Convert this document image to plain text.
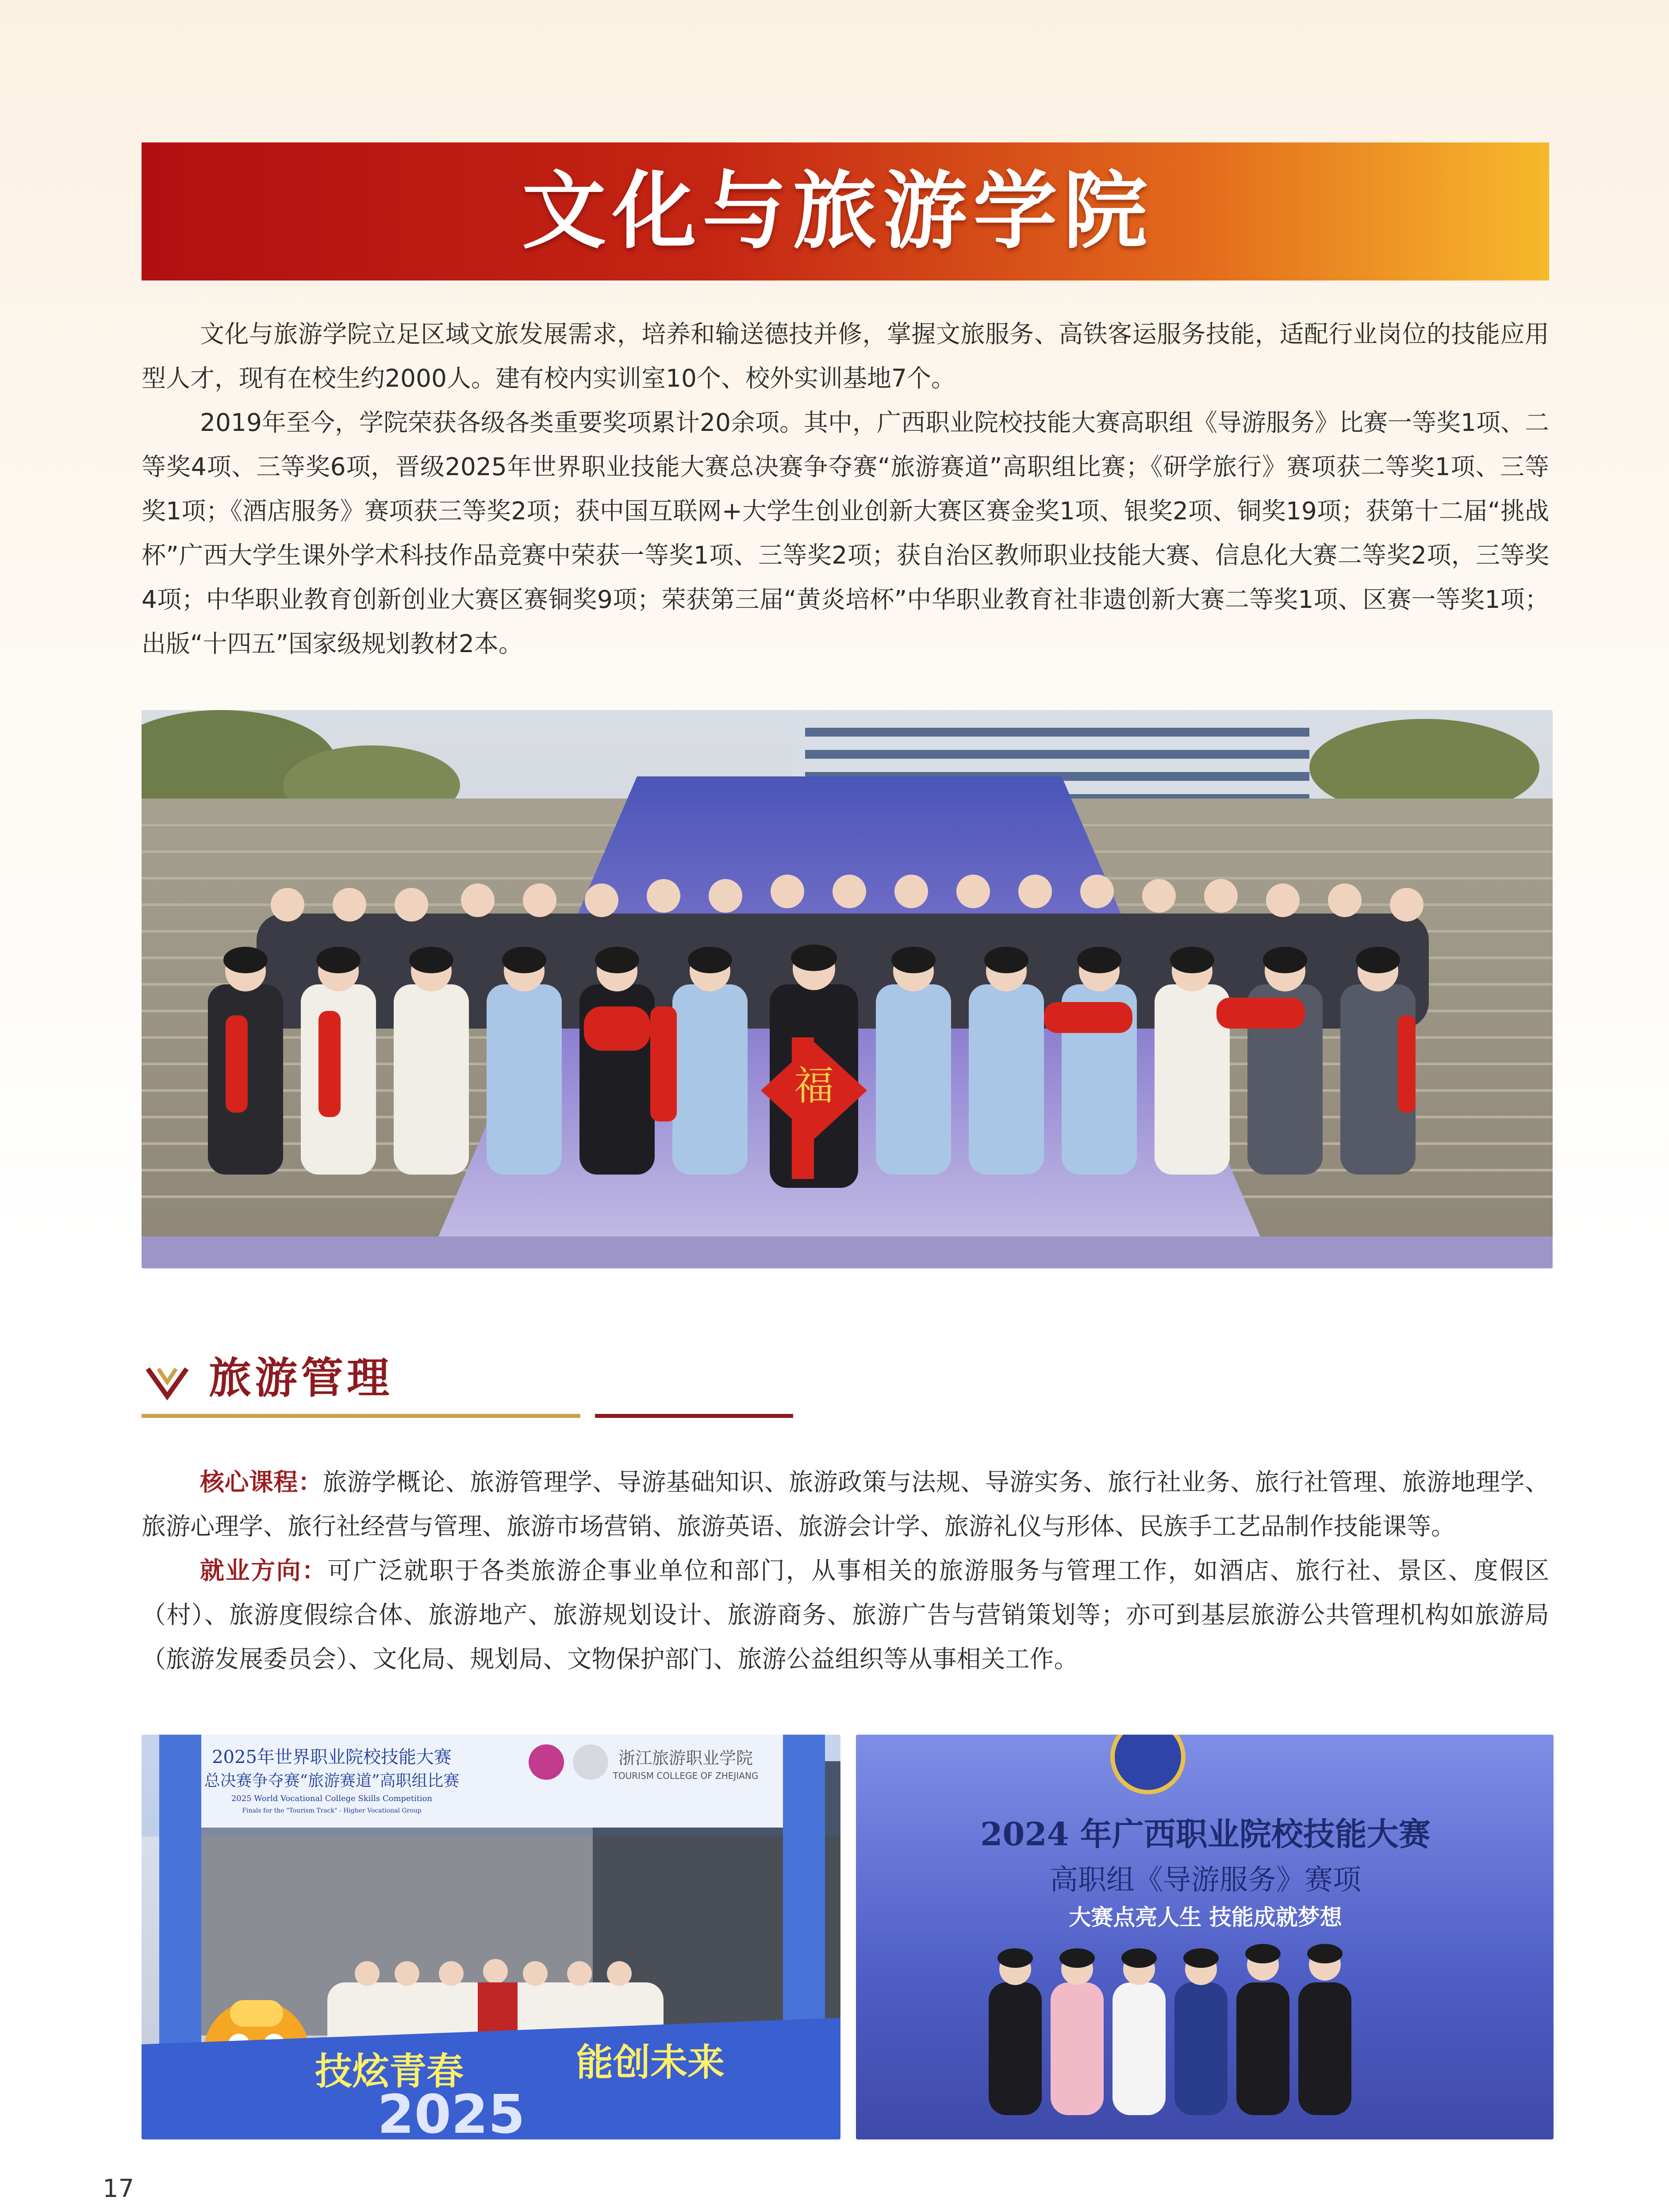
文化与旅游学院

文化与旅游学院立足区域文旅发展需求，培养和输送德技并修，掌握文旅服务、高铁客运服务技能，适配行业岗位的技能应用型人才，现有在校生约2000人。建有校内实训室10个、校外实训基地7个。

2019年至今，学院荣获各级各类重要奖项累计20余项。其中，广西职业院校技能大赛高职组《导游服务》比赛一等奖1项、二等奖4项、三等奖6项，晋级2025年世界职业技能大赛总决赛争夺赛“旅游赛道”高职组比赛；《研学旅行》赛项获二等奖1项、三等奖1项；《酒店服务》赛项获三等奖2项；获中国互联网+大学生创业创新大赛区赛金奖1项、银奖2项、铜奖19项；获第十二届“挑战杯”广西大学生课外学术科技作品竞赛中荣获一等奖1项、三等奖2项；获自治区教师职业技能大赛、信息化大赛二等奖2项，三等奖4项；中华职业教育创新创业大赛区赛铜奖9项；荣获第三届“黄炎培杯”中华职业教育社非遗创新大赛二等奖1项、区赛一等奖1项；出版“十四五”国家级规划教材2本。

福
旅游管理

核心课程：旅游学概论、旅游管理学、导游基础知识、旅游政策与法规、导游实务、旅行社业务、旅行社管理、旅游地理学、旅游心理学、旅行社经营与管理、旅游市场营销、旅游英语、旅游会计学、旅游礼仪与形体、民族手工艺品制作技能课等。

就业方向：可广泛就职于各类旅游企事业单位和部门，从事相关的旅游服务与管理工作，如酒店、旅行社、景区、度假区（村）、旅游度假综合体、旅游地产、旅游规划设计、旅游商务、旅游广告与营销策划等；亦可到基层旅游公共管理机构如旅游局（旅游发展委员会）、文化局、规划局、文物保护部门、旅游公益组织等从事相关工作。

2025年世界职业院校技能大赛
总决赛争夺赛“旅游赛道”高职组比赛
2025 World Vocational College Skills Competition
Finals for the "Tourism Track" - Higher Vocational Group
浙江旅游职业学院
TOURISM COLLEGE OF ZHEJIANG
技炫青春	能创未来
2025
2024 年广西职业院校技能大赛
高职组《导游服务》赛项
大赛点亮人生 技能成就梦想
17
